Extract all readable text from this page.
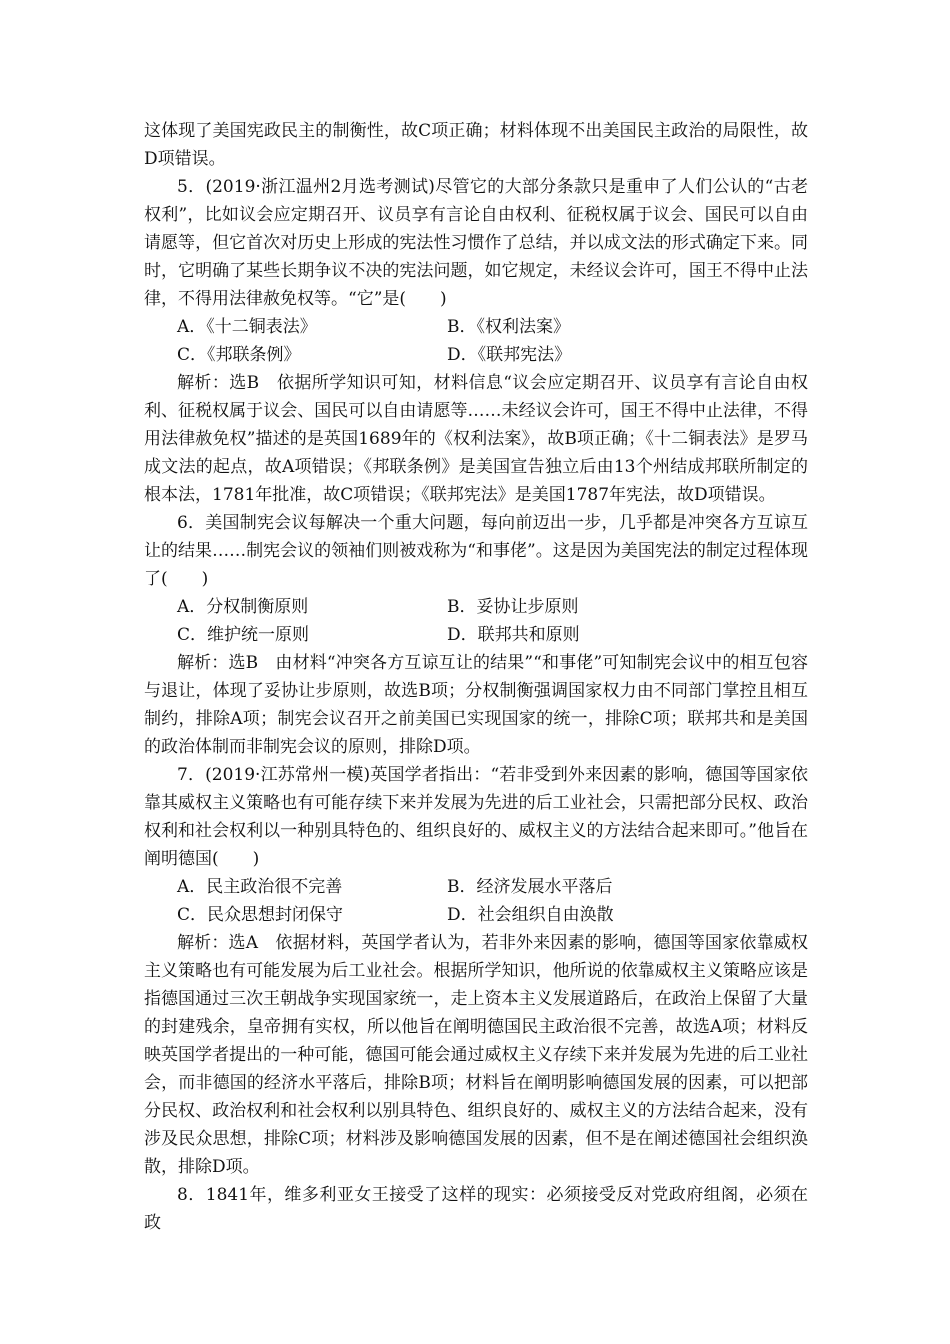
这体现了美国宪政民主的制衡性，故C项正确；材料体现不出美国民主政治的局限性，故D项错误。

5．(2019·浙江温州2月选考测试)尽管它的大部分条款只是重申了人们公认的“古老权利”，比如议会应定期召开、议员享有言论自由权利、征税权属于议会、国民可以自由请愿等，但它首次对历史上形成的宪法性习惯作了总结，并以成文法的形式确定下来。同时，它明确了某些长期争议不决的宪法问题，如它规定，未经议会许可，国王不得中止法律，不得用法律赦免权等。“它”是(　　)

A．《十二铜表法》	B．《权利法案》
C．《邦联条例》	D．《联邦宪法》

解析：选B　依据所学知识可知，材料信息“议会应定期召开、议员享有言论自由权利、征税权属于议会、国民可以自由请愿等……未经议会许可，国王不得中止法律，不得用法律赦免权”描述的是英国1689年的《权利法案》，故B项正确；《十二铜表法》是罗马成文法的起点，故A项错误；《邦联条例》是美国宣告独立后由13个州结成邦联所制定的根本法，1781年批准，故C项错误；《联邦宪法》是美国1787年宪法，故D项错误。

6．美国制宪会议每解决一个重大问题，每向前迈出一步，几乎都是冲突各方互谅互让的结果……制宪会议的领袖们则被戏称为“和事佬”。这是因为美国宪法的制定过程体现了(　　)

A．分权制衡原则	B．妥协让步原则
C．维护统一原则	D．联邦共和原则

解析：选B　由材料“冲突各方互谅互让的结果”“和事佬”可知制宪会议中的相互包容与退让，体现了妥协让步原则，故选B项；分权制衡强调国家权力由不同部门掌控且相互制约，排除A项；制宪会议召开之前美国已实现国家的统一，排除C项；联邦共和是美国的政治体制而非制宪会议的原则，排除D项。

7．(2019·江苏常州一模)英国学者指出：“若非受到外来因素的影响，德国等国家依靠其威权主义策略也有可能存续下来并发展为先进的后工业社会，只需把部分民权、政治权利和社会权利以一种别具特色的、组织良好的、威权主义的方法结合起来即可。”他旨在阐明德国(　　)

A．民主政治很不完善	B．经济发展水平落后
C．民众思想封闭保守	D．社会组织自由涣散

解析：选A　依据材料，英国学者认为，若非外来因素的影响，德国等国家依靠威权主义策略也有可能发展为后工业社会。根据所学知识，他所说的依靠威权主义策略应该是指德国通过三次王朝战争实现国家统一，走上资本主义发展道路后，在政治上保留了大量的封建残余，皇帝拥有实权，所以他旨在阐明德国民主政治很不完善，故选A项；材料反映英国学者提出的一种可能，德国可能会通过威权主义存续下来并发展为先进的后工业社会，而非德国的经济水平落后，排除B项；材料旨在阐明影响德国发展的因素，可以把部分民权、政治权利和社会权利以别具特色、组织良好的、威权主义的方法结合起来，没有涉及民众思想，排除C项；材料涉及影响德国发展的因素，但不是在阐述德国社会组织涣散，排除D项。

8．1841年，维多利亚女王接受了这样的现实：必须接受反对党政府组阁，必须在政
